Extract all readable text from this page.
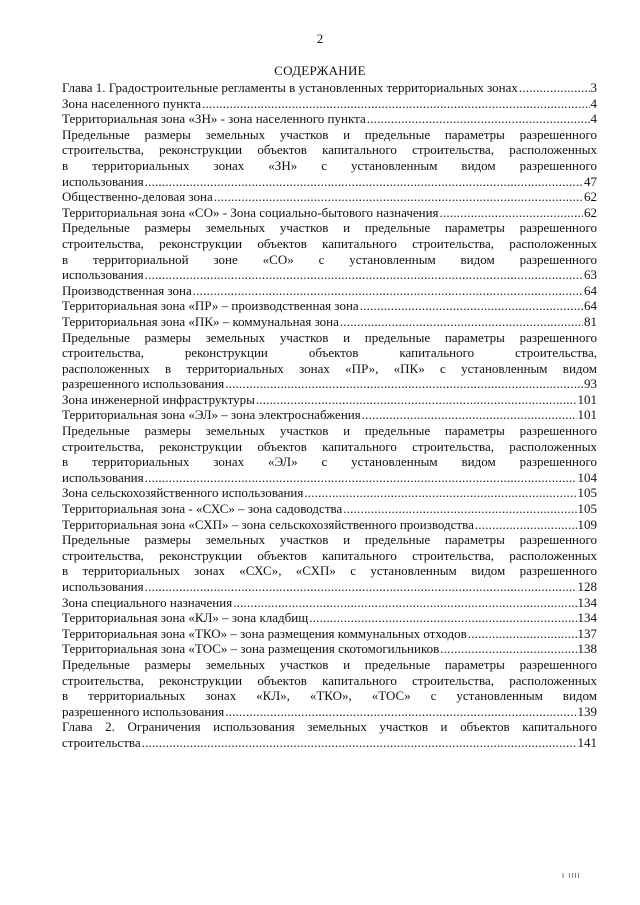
2
СОДЕРЖАНИЕ
Глава 1. Градостроительные регламенты в установленных территориальных зонах .....	3
Зона населенного пункта .....	4
Территориальная зона «ЗН» - зона населенного пункта .....	4
Предельные размеры земельных участков и предельные параметры разрешенного
строительства, реконструкции объектов капитального строительства, расположенных
в территориальных зонах «ЗН» с установленным видом разрешенного
использования .....	47
Общественно-деловая зона .....	62
Территориальная зона «СО» - Зона социально-бытового назначения .....	62
Предельные размеры земельных участков и предельные параметры разрешенного
строительства, реконструкции объектов капитального строительства, расположенных
в территориальной зоне «СО» с установленным видом разрешенного
использования .....	63
Производственная зона .....	64
Территориальная зона «ПР» – производственная зона .....	64
Территориальная зона «ПК» – коммунальная зона .....	81
Предельные размеры земельных участков и предельные параметры разрешенного
строительства, реконструкции объектов капитального строительства,
расположенных в территориальных зонах «ПР», «ПК» с установленным видом
разрешенного использования .....	93
Зона инженерной инфраструктуры .....	101
Территориальная зона «ЭЛ» – зона электроснабжения .....	101
Предельные размеры земельных участков и предельные параметры разрешенного
строительства, реконструкции объектов капитального строительства, расположенных
в территориальных зонах «ЭЛ» с установленным видом разрешенного
использования .....	104
Зона сельскохозяйственного использования .....	105
Территориальная зона - «СХС» – зона садоводства .....	105
Территориальная зона «СХП» – зона сельскохозяйственного производства .....	109
Предельные размеры земельных участков и предельные параметры разрешенного
строительства, реконструкции объектов капитального строительства, расположенных
в территориальных зонах «СХС», «СХП» с установленным видом разрешенного
использования .....	128
Зона специального назначения .....	134
Территориальная зона «КЛ» – зона кладбищ .....	134
Территориальная зона «ТКО» – зона размещения коммунальных отходов .....	137
Территориальная зона «ТОС» – зона размещения скотомогильников .....	138
Предельные размеры земельных участков и предельные параметры разрешенного
строительства, реконструкции объектов капитального строительства, расположенных
в территориальных зонах «КЛ», «ТКО», «ТОС» с установленным видом
разрешенного использования .....	139
Глава 2. Ограничения использования земельных участков и объектов капитального
строительства .....	141
I IIII
